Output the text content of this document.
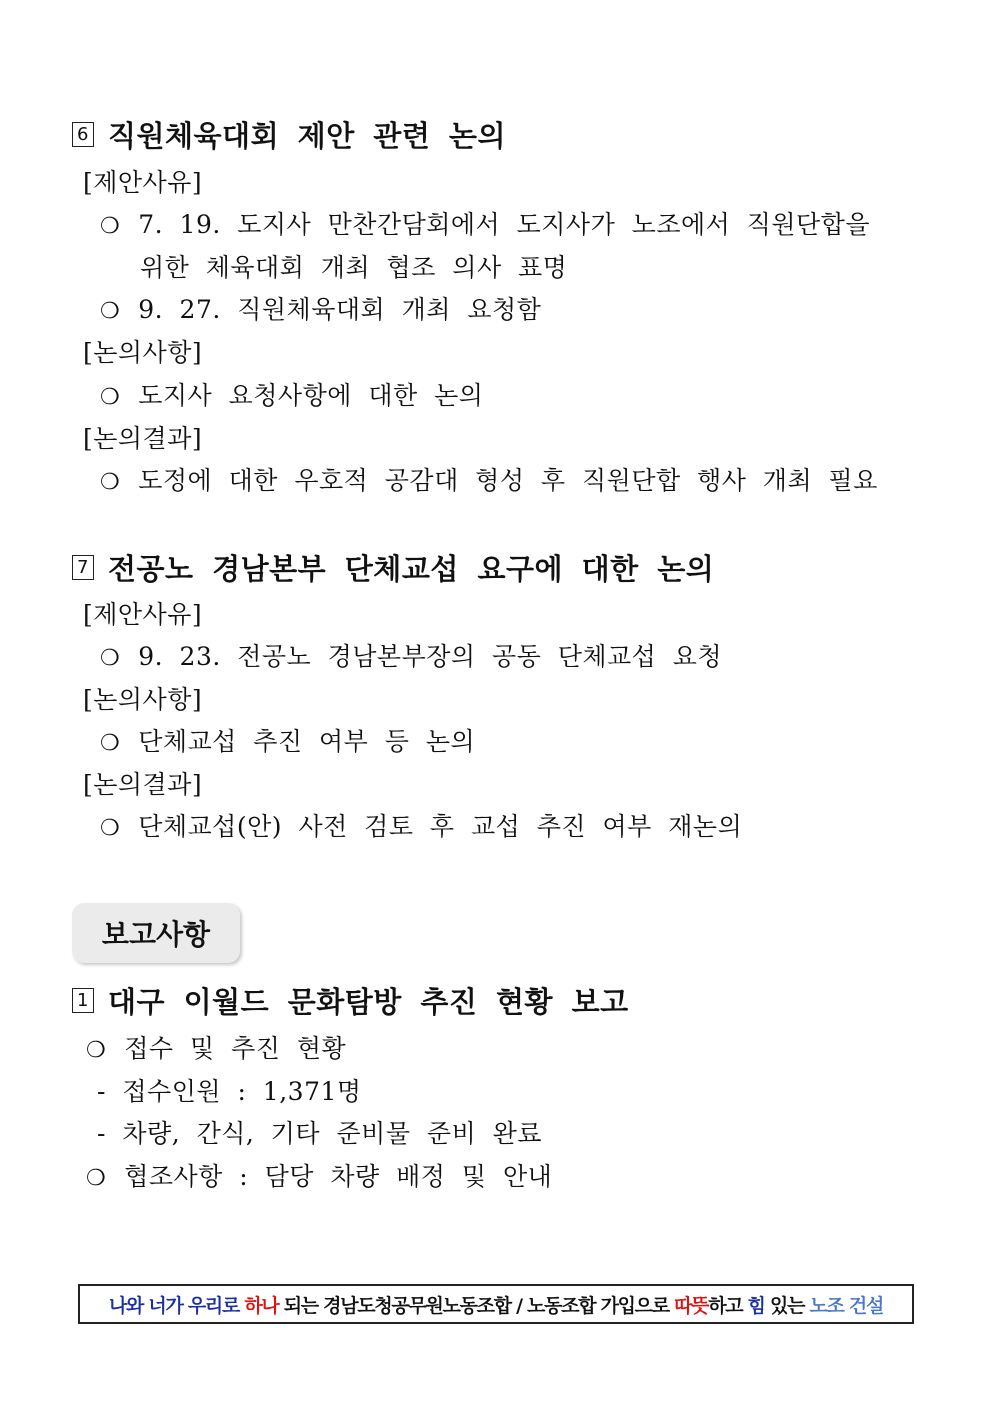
6 직원체육대회 제안 관련 논의
[제안사유]
❍ 7. 19. 도지사 만찬간담회에서 도지사가 노조에서 직원단합을
위한 체육대회 개최 협조 의사 표명
❍ 9. 27. 직원체육대회 개최 요청함
[논의사항]
❍ 도지사 요청사항에 대한 논의
[논의결과]
❍ 도정에 대한 우호적 공감대 형성 후 직원단합 행사 개최 필요
7 전공노 경남본부 단체교섭 요구에 대한 논의
[제안사유]
❍ 9. 23. 전공노 경남본부장의 공동 단체교섭 요청
[논의사항]
❍ 단체교섭 추진 여부 등 논의
[논의결과]
❍ 단체교섭(안) 사전 검토 후 교섭 추진 여부 재논의
보고사항
1 대구 이월드 문화탐방 추진 현황 보고
❍ 접수 및 추진 현황
- 접수인원 : 1,371명
- 차량, 간식, 기타 준비물 준비 완료
❍ 협조사항 : 담당 차량 배정 및 안내
나와 너가 우리로 하나 되는 경남도청공무원노동조합 / 노동조합 가입으로 따뜻 하고 힘 있는 노조 건설
